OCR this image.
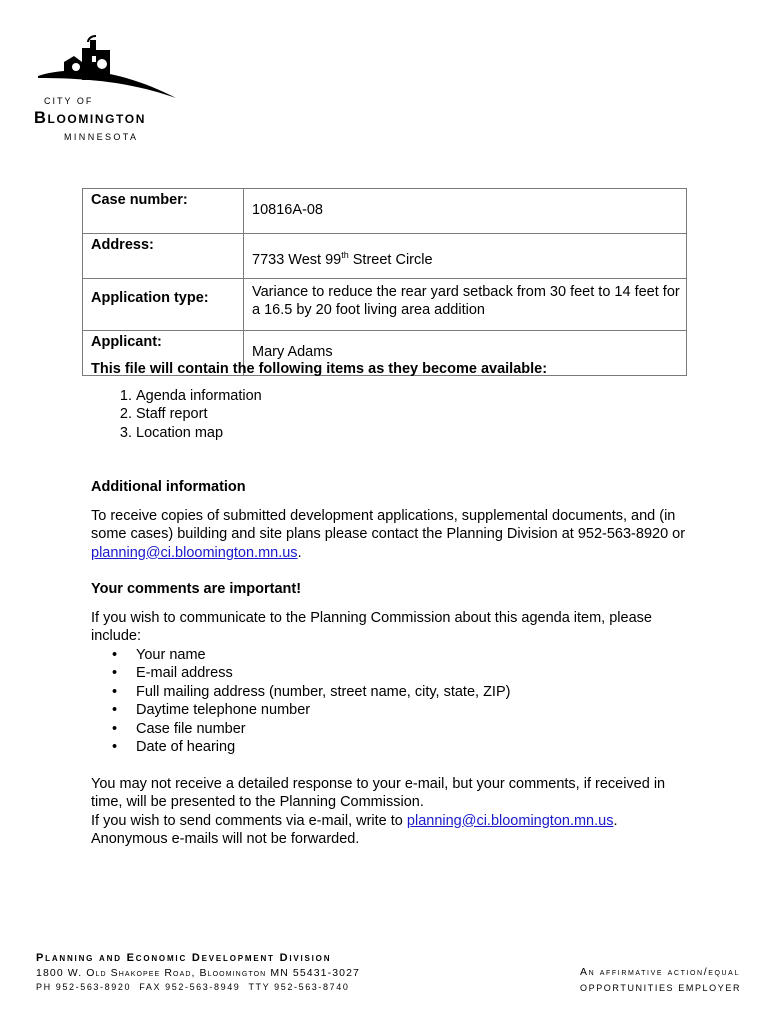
CITY OF
Bloomington
MINNESOTA
Case number:	10816A-08
Address:	7733 West 99th Street Circle
Application type:	Variance to reduce the rear yard setback from 30 feet to 14 feet for a 16.5 by 20 foot living area addition
Applicant:	Mary Adams

This file will contain the following items as they become available:

1. Agenda information
2. Staff report
3. Location map

Additional information

To receive copies of submitted development applications, supplemental documents, and (in some cases) building and site plans please contact the Planning Division at 952-563-8920 or planning@ci.bloomington.mn.us.

Your comments are important!

If you wish to communicate to the Planning Commission about this agenda item, please include:

• Your name
• E-mail address
• Full mailing address (number, street name, city, state, ZIP)
• Daytime telephone number
• Case file number
• Date of hearing

You may not receive a detailed response to your e-mail, but your comments, if received in time, will be presented to the Planning Commission.

If you wish to send comments via e-mail, write to planning@ci.bloomington.mn.us.

Anonymous e-mails will not be forwarded.

Planning and Economic Development Division
1800 W. Old Shakopee Road, Bloomington MN 55431-3027
PH 952-563-8920  FAX 952-563-8949  TTY 952-563-8740
An affirmative action/equal
OPPORTUNITIES EMPLOYER
